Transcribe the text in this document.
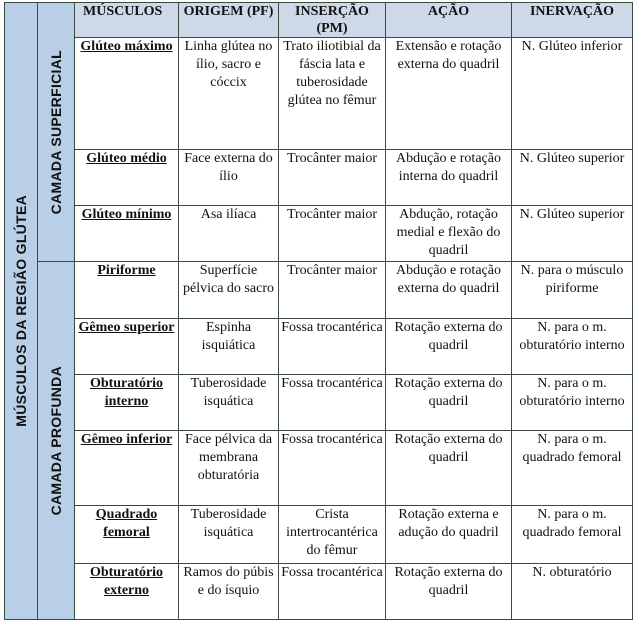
MÚSCULOS DA REGIÃO GLÚTEA	CAMADA SUPERFICIAL	MÚSCULOS	ORIGEM (PF)	INSERÇÃO (PM)	AÇÃO	INERVAÇÃO
		Glúteo máximo	Linha glútea no ílio, sacro e cóccix	Trato iliotibial da fáscia lata e tuberosidade glútea no fêmur	Extensão e rotação externa do quadril	N. Glúteo inferior
		Glúteo médio	Face externa do ílio	Trocânter maior	Abdução e rotação interna do quadril	N. Glúteo superior
		Glúteo mínimo	Asa ilíaca	Trocânter maior	Abdução, rotação medial e flexão do quadril	N. Glúteo superior

	CAMADA PROFUNDA	Piriforme	Superfície pélvica do sacro	Trocânter maior	Abdução e rotação externa do quadril	N. para o músculo piriforme
		Gêmeo superior	Espinha isquiática	Fossa trocantérica	Rotação externa do quadril	N. para o m. obturatório interno
		Obturatório interno	Tuberosidade isquática	Fossa trocantérica	Rotação externa do quadril	N. para o m. obturatório interno
		Gêmeo inferior	Face pélvica da membrana obturatória	Fossa trocantérica	Rotação externa do quadril	N. para o m. quadrado femoral
		Quadrado femoral	Tuberosidade isquática	Crista intertrocantérica do fêmur	Rotação externa e adução do quadril	N. para o m. quadrado femoral
		Obturatório externo	Ramos do púbis e do ísquio	Fossa trocantérica	Rotação externa do quadril	N. obturatório
